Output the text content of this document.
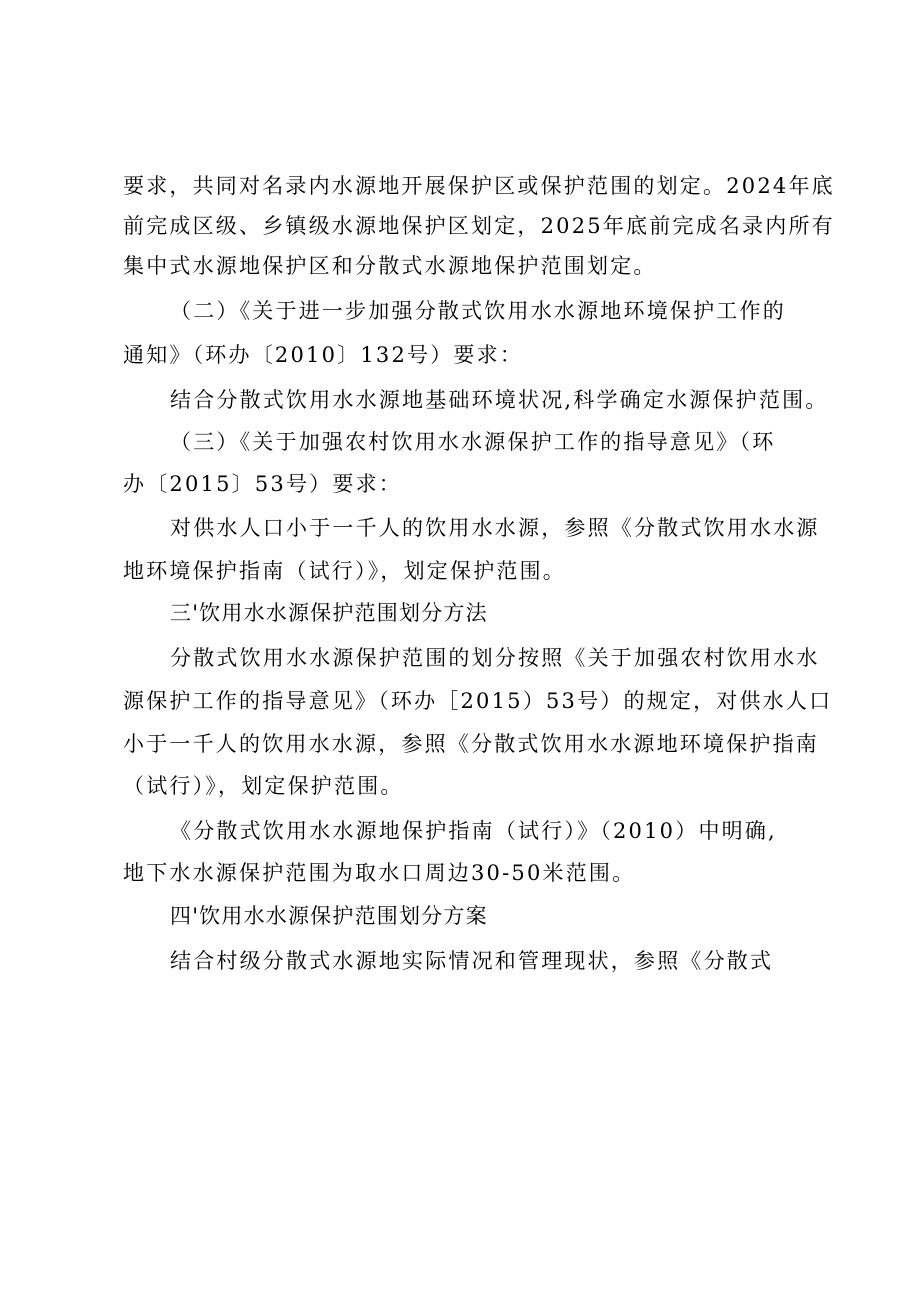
要求，共同对名录内水源地开展保护区或保护范围的划定。2024年底
前完成区级、乡镇级水源地保护区划定，2025年底前完成名录内所有
集中式水源地保护区和分散式水源地保护范围划定。
（二）《关于进一步加强分散式饮用水水源地环境保护工作的
通知》（环办〔2010〕132号）要求：
结合分散式饮用水水源地基础环境状况,科学确定水源保护范围。
（三）《关于加强农村饮用水水源保护工作的指导意见》（环
办〔2015〕53号）要求：
对供水人口小于一千人的饮用水水源，参照《分散式饮用水水源
地环境保护指南（试行）》，划定保护范围。
三'饮用水水源保护范围划分方法
分散式饮用水水源保护范围的划分按照《关于加强农村饮用水水
源保护工作的指导意见》（环办［2015）53号）的规定，对供水人口
小于一千人的饮用水水源，参照《分散式饮用水水源地环境保护指南
（试行）》，划定保护范围。
《分散式饮用水水源地保护指南（试行）》（2010）中明确,
地下水水源保护范围为取水口周边30-50米范围。
四'饮用水水源保护范围划分方案
结合村级分散式水源地实际情况和管理现状，参照《分散式
